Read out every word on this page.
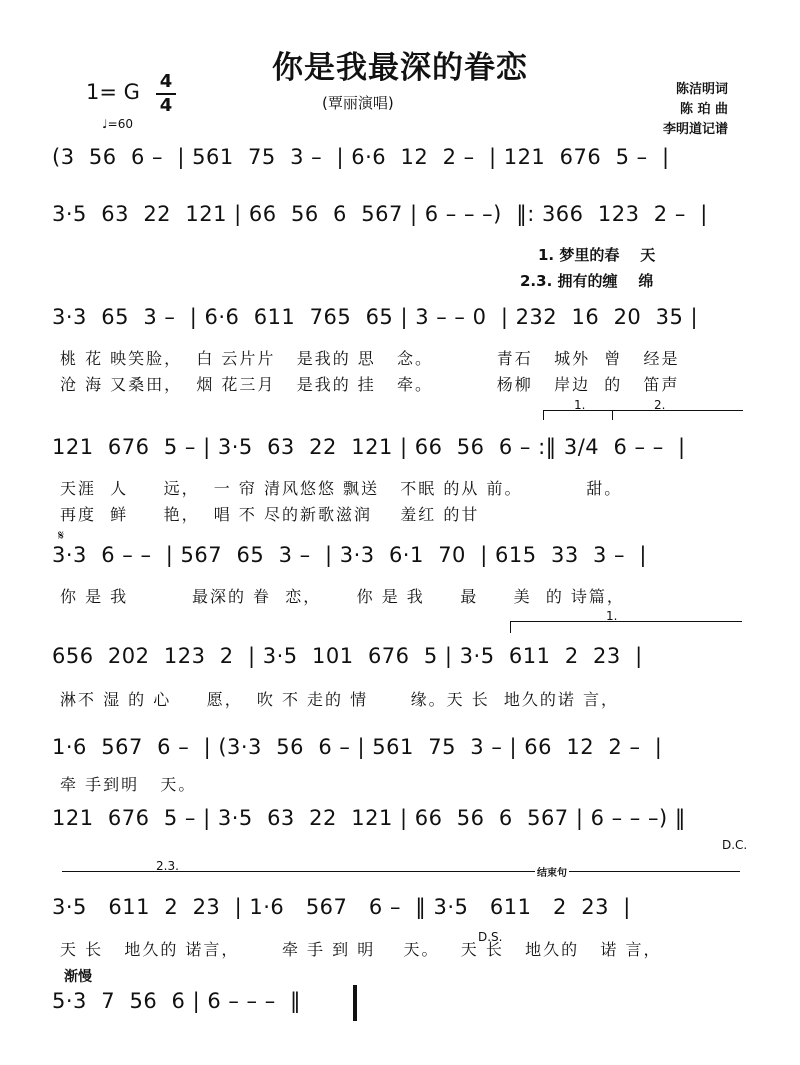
你是我最深的眷恋
(覃丽演唱)
1= G 4
4
♩=60
陈洁明词
陈 珀 曲
李明道记谱
(3  56  6 –  | 561  75  3 –  | 6·6  12  2 –  | 121  676  5 –  |
3·5  63  22  121 | 66  56  6  567 | 6 – – –)  ‖: 366  123  2 –  |
1. 梦里的春    天
2.3. 拥有的缠    绵
3·3  65  3 –  | 6·6  611  765  65 | 3 – – 0  | 232  16  20  35 |
桃 花 映笑脸，  白 云片片   是我的 思   念。         青石   城外  曾   经是
沧 海 又桑田，  烟 花三月   是我的 挂   牵。         杨柳   岸边  的   笛声
1.	2.
121  676  5 – | 3·5  63  22  121 | 66  56  6 – :‖ 3/4  6 – –  |
天涯  人     远，  一 帘 清风悠悠 飘送   不眠 的从 前。         甜。
再度  鲜     艳，  唱 不 尽的新歌滋润    羞红 的甘
𝄋
3·3  6 – –  | 567  65  3 –  | 3·3  6·1  70  | 615  33  3 –  |
你 是 我         最深的 眷  恋，     你 是 我     最     美  的 诗篇，
1.
656  202  123  2  | 3·5  101  676  5 | 3·5  611  2  23  |
淋不 湿 的 心     愿，  吹 不 走的 情      缘。天 长  地久的诺 言，
1·6  567  6 –  | (3·3  56  6 – | 561  75  3 – | 66  12  2 –  |
牵 手到明   天。
121  676  5 – | 3·5  63  22  121 | 66  56  6  567 | 6 – – –) ‖
D.C.
2.3.
结束句
3·5   611  2  23  | 1·6   567   6 –  ‖ 3·5   611   2  23  |
D.S.
天 长   地久的 诺言，      牵 手 到 明    天。   天 长   地久的   诺 言，
渐慢
5·3  7  56  6 | 6 – – –  ‖
